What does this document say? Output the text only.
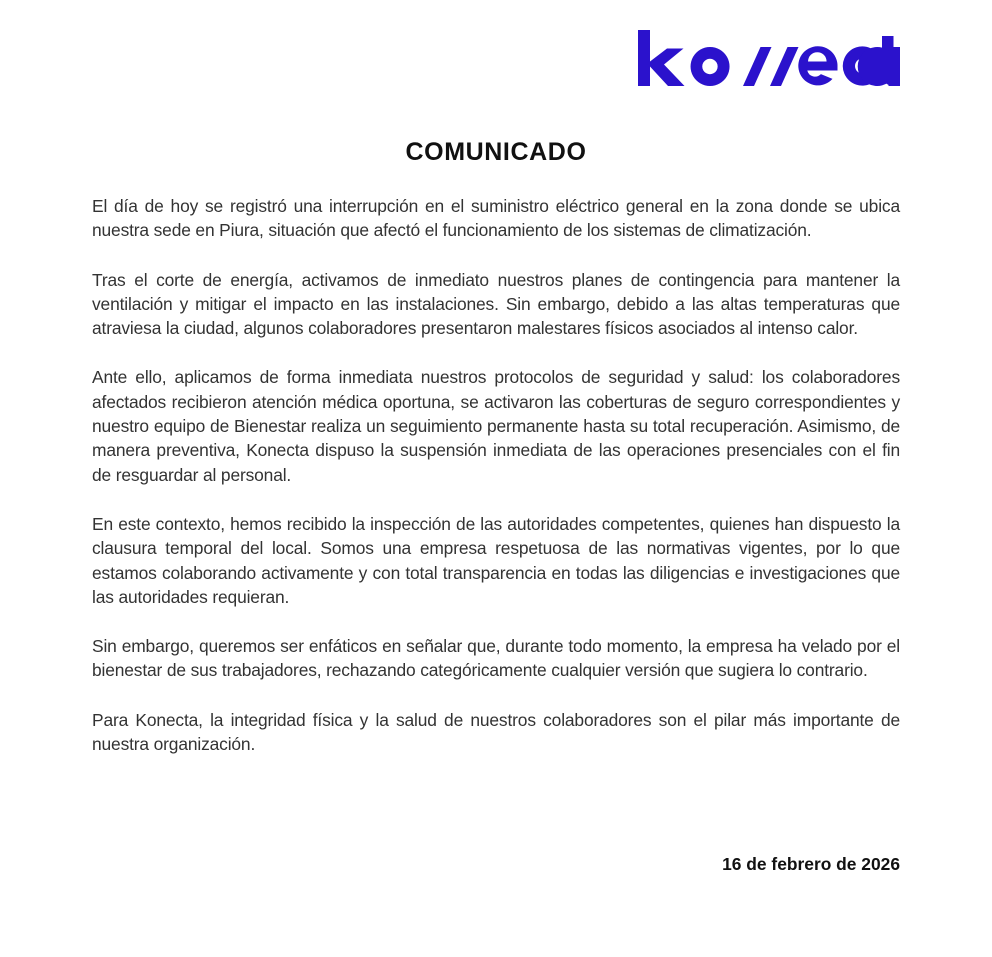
COMUNICADO

El día de hoy se registró una interrupción en el suministro eléctrico general en la zona donde se ubica nuestra sede en Piura, situación que afectó el funcionamiento de los sistemas de climatización.

Tras el corte de energía, activamos de inmediato nuestros planes de contingencia para mantener la ventilación y mitigar el impacto en las instalaciones. Sin embargo, debido a las altas temperaturas que atraviesa la ciudad, algunos colaboradores presentaron malestares físicos asociados al intenso calor.

Ante ello, aplicamos de forma inmediata nuestros protocolos de seguridad y salud: los colaboradores afectados recibieron atención médica oportuna, se activaron las coberturas de seguro correspondientes y nuestro equipo de Bienestar realiza un seguimiento permanente hasta su total recuperación. Asimismo, de manera preventiva, Konecta dispuso la suspensión inmediata de las operaciones presenciales con el fin de resguardar al personal.

En este contexto, hemos recibido la inspección de las autoridades competentes, quienes han dispuesto la clausura temporal del local. Somos una empresa respetuosa de las normativas vigentes, por lo que estamos colaborando activamente y con total transparencia en todas las diligencias e investigaciones que las autoridades requieran.

Sin embargo, queremos ser enfáticos en señalar que, durante todo momento, la empresa ha velado por el bienestar de sus trabajadores, rechazando categóricamente cualquier versión que sugiera lo contrario.

Para Konecta, la integridad física y la salud de nuestros colaboradores son el pilar más importante de nuestra organización.

16 de febrero de 2026
